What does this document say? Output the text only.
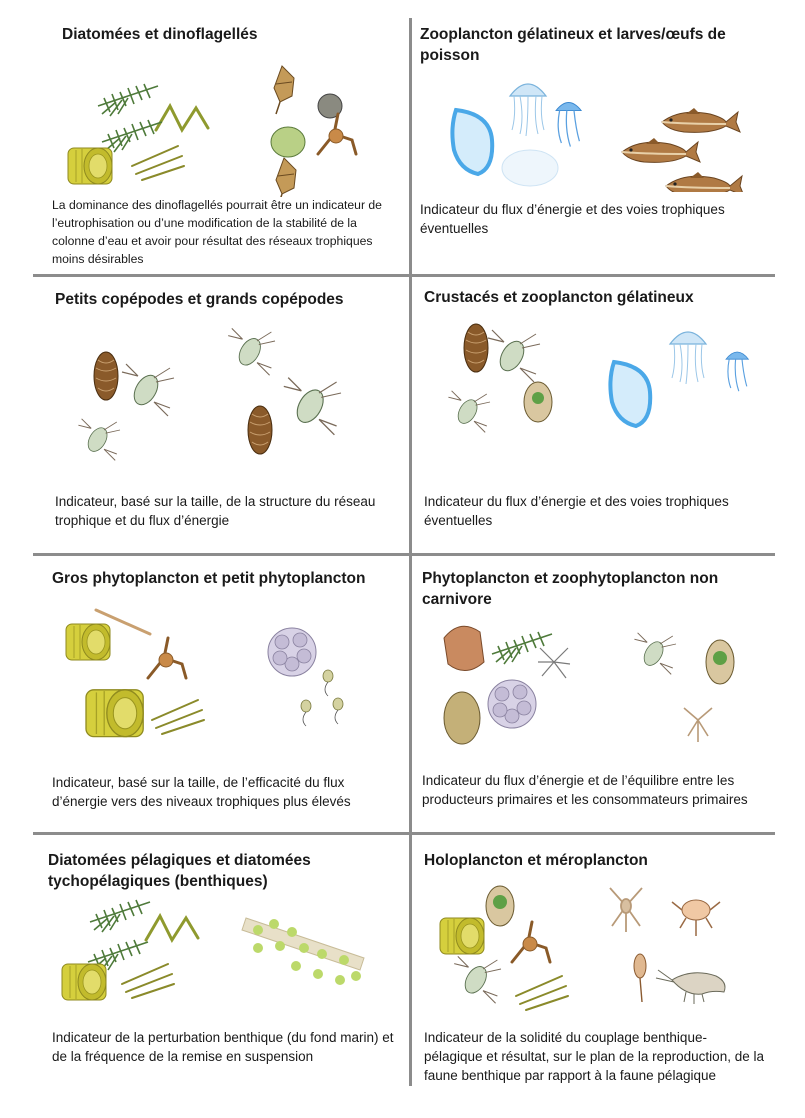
Diatomées et dinoflagellés

La dominance des dinoflagellés pourrait être un indicateur de l’eutrophisation ou d’une modification de la stabilité de la colonne d’eau et avoir pour résultat des réseaux trophiques moins désirables

Zooplancton gélatineux et larves/œufs de poisson

Indicateur du flux d’énergie et des voies trophiques éventuelles

Petits copépodes et grands copépodes

Indicateur, basé sur la taille, de la structure du réseau trophique et du flux d’énergie

Crustacés et zooplancton gélatineux

Indicateur du flux d’énergie et des voies trophiques éventuelles

Gros phytoplancton et petit phytoplancton

Indicateur, basé sur la taille, de l’efficacité du flux d’énergie vers des niveaux trophiques plus élevés

Phytoplancton et zoophytoplancton non carnivore

Indicateur du flux d’énergie et de l’équilibre entre les producteurs primaires et les consommateurs primaires

Diatomées pélagiques et diatomées tychopélagiques (benthiques)

Indicateur de la perturbation benthique (du fond marin) et de la fréquence de la remise en suspension

Holoplancton et méroplancton

Indicateur de la solidité du couplage benthique-pélagique et résultat, sur le plan de la reproduction, de la faune benthique par rapport à la faune pélagique
